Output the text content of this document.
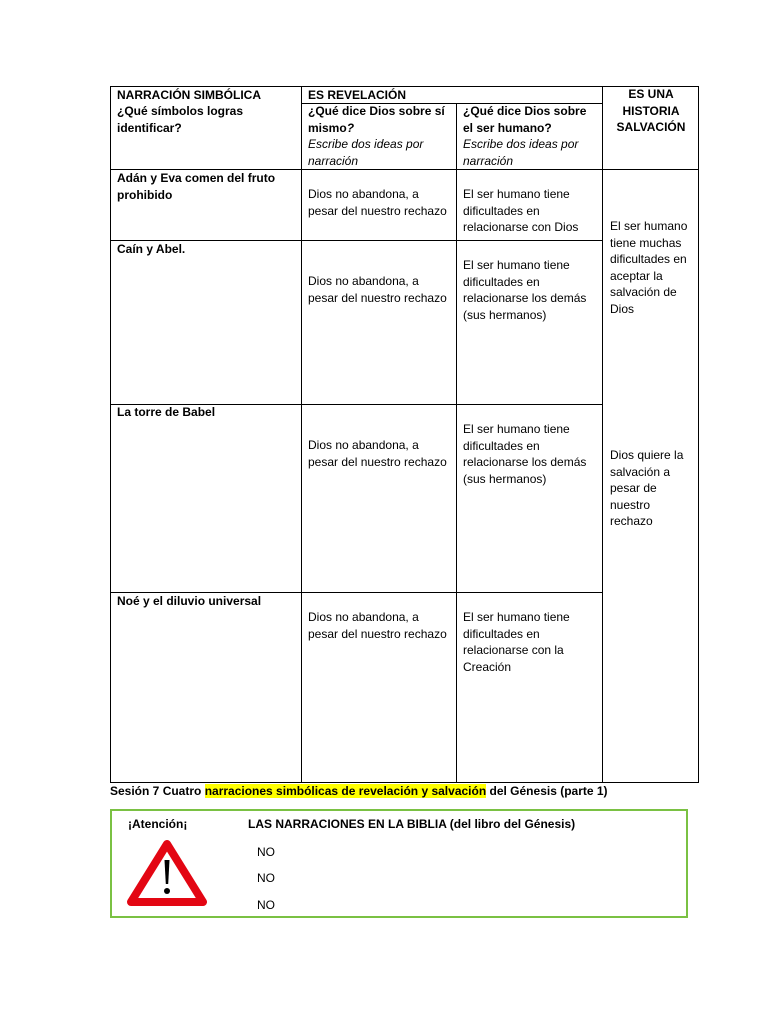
NARRACIÓN SIMBÓLICA
¿Qué símbolos logras identificar?
ES REVELACIÓN
¿Qué dice Dios sobre sí mismo?
Escribe dos ideas por narración
¿Qué dice Dios sobre el ser humano?
Escribe dos ideas por narración
ES UNA HISTORIA SALVACIÓN
Adán y Eva comen del fruto prohibido	Dios no abandona, a pesar del nuestro rechazo
El ser humano tiene dificultades en relacionarse con Dios
Caín y Abel.
Dios no abandona, a pesar del nuestro rechazo
El ser humano tiene dificultades en relacionarse los demás (sus hermanos)
La torre de Babel
Dios no abandona, a pesar del nuestro rechazo
El ser humano tiene dificultades en relacionarse los demás (sus hermanos)
Noé y el diluvio universal
Dios no abandona, a pesar del nuestro rechazo
El ser humano tiene dificultades en relacionarse con la Creación
El ser humano tiene muchas dificultades en aceptar la salvación de Dios
Dios quiere la salvación a pesar de nuestro rechazo
Sesión 7 Cuatro narraciones simbólicas de revelación y salvación del Génesis (parte 1)
¡Atención¡	LAS NARRACIONES EN LA BIBLIA (del libro del Génesis)
NO
NO
NO
